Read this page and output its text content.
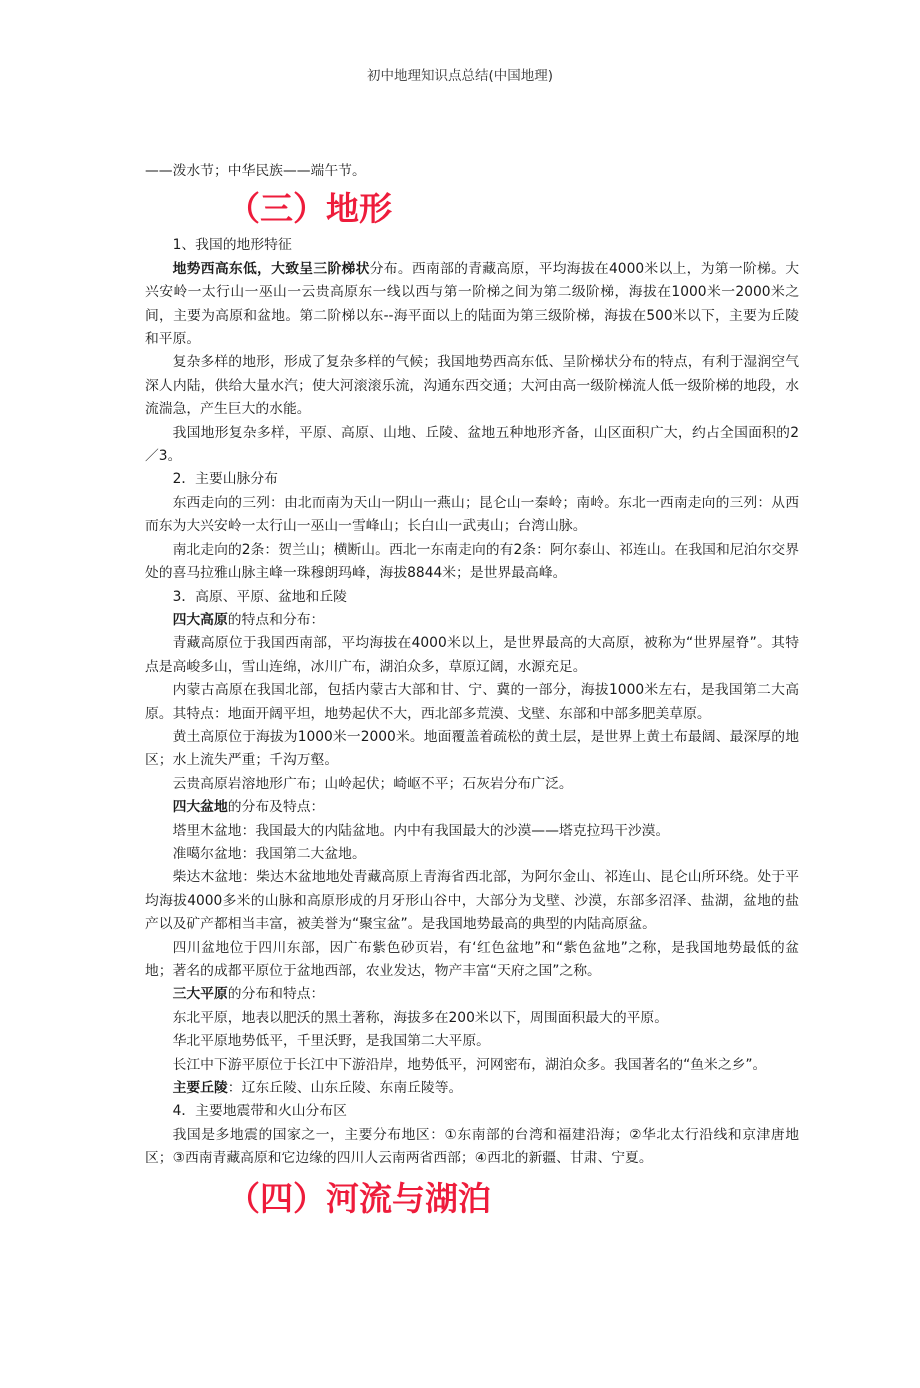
初中地理知识点总结(中国地理)

——泼水节；中华民族——端午节。

（三）地形

1、我国的地形特征

地势西高东低，大致呈三阶梯状分布。西南部的青藏高原，平均海拔在4000米以上，为第一阶梯。大兴安岭一太行山一巫山一云贵高原东一线以西与第一阶梯之间为第二级阶梯，海拔在1000米一2000米之间，主要为高原和盆地。第二阶梯以东--海平面以上的陆面为第三级阶梯，海拔在500米以下，主要为丘陵和平原。

复杂多样的地形，形成了复杂多样的气候；我国地势西高东低、呈阶梯状分布的特点，有利于湿润空气深人内陆，供给大量水汽；使大河滚滚乐流，沟通东西交通；大河由高一级阶梯流人低一级阶梯的地段，水流湍急，产生巨大的水能。

我国地形复杂多样，平原、高原、山地、丘陵、盆地五种地形齐备，山区面积广大，约占全国面积的2／3。

2．主要山脉分布

东西走向的三列：由北而南为天山一阴山一燕山；昆仑山一秦岭；南岭。东北一西南走向的三列：从西而东为大兴安岭一太行山一巫山一雪峰山；长白山一武夷山；台湾山脉。

南北走向的2条：贺兰山；横断山。西北一东南走向的有2条：阿尔泰山、祁连山。在我国和尼泊尔交界处的喜马拉雅山脉主峰一珠穆朗玛峰，海拔8844米；是世界最高峰。

3．高原、平原、盆地和丘陵

四大高原的特点和分布：

青藏高原位于我国西南部，平均海拔在4000米以上，是世界最高的大高原，被称为“世界屋脊”。其特点是高峻多山，雪山连绵，冰川广布，湖泊众多，草原辽阔，水源充足。

内蒙古高原在我国北部，包括内蒙古大部和甘、宁、冀的一部分，海拔1000米左右，是我国第二大高原。其特点：地面开阔平坦，地势起伏不大，西北部多荒漠、戈壁、东部和中部多肥美草原。

黄土高原位于海拔为1000米一2000米。地面覆盖着疏松的黄土层，是世界上黄土布最阔、最深厚的地区；水上流失严重；千沟万壑。

云贵高原岩溶地形广布；山岭起伏；崎岖不平；石灰岩分布广泛。

四大盆地的分布及特点：

塔里木盆地：我国最大的内陆盆地。内中有我国最大的沙漠——塔克拉玛干沙漠。

准噶尔盆地：我国第二大盆地。

柴达木盆地：柴达木盆地地处青藏高原上青海省西北部，为阿尔金山、祁连山、昆仑山所环绕。处于平均海拔4000多米的山脉和高原形成的月牙形山谷中，大部分为戈壁、沙漠，东部多沼泽、盐湖，盆地的盐产以及矿产都相当丰富，被美誉为“聚宝盆”。是我国地势最高的典型的内陆高原盆。

四川盆地位于四川东部，因广布紫色砂页岩，有‘红色盆地”和“紫色盆地”之称，是我国地势最低的盆地；著名的成都平原位于盆地西部，农业发达，物产丰富“天府之国”之称。

三大平原的分布和特点：

东北平原，地表以肥沃的黑土著称，海拔多在200米以下，周围面积最大的平原。

华北平原地势低平，千里沃野，是我国第二大平原。

长江中下游平原位于长江中下游沿岸，地势低平，河网密布，湖泊众多。我国著名的“鱼米之乡”。

主要丘陵：辽东丘陵、山东丘陵、东南丘陵等。

4．主要地震带和火山分布区

我国是多地震的国家之一，主要分布地区：①东南部的台湾和福建沿海；②华北太行沿线和京津唐地区；③西南青藏高原和它边缘的四川人云南两省西部；④西北的新疆、甘肃、宁夏。

（四）河流与湖泊
